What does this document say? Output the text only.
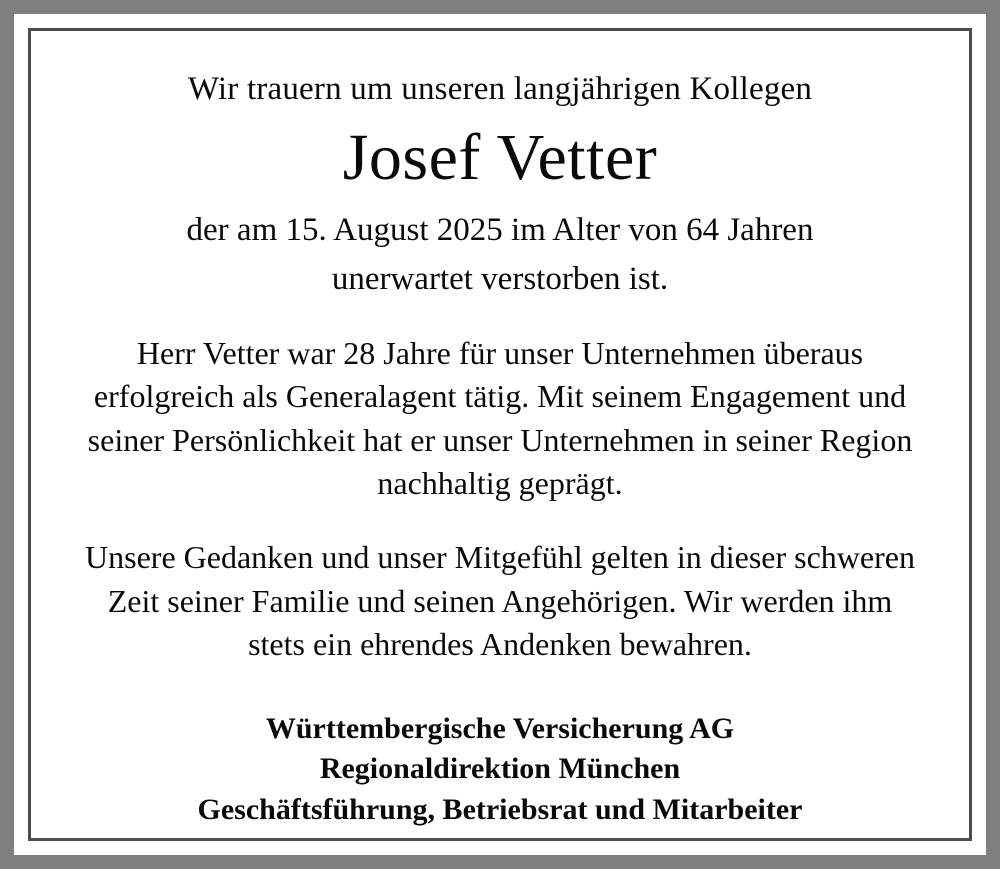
Wir trauern um unseren langjährigen Kollegen

Josef Vetter

der am 15. August 2025 im Alter von 64 Jahren

unerwartet verstorben ist.

Herr Vetter war 28 Jahre für unser Unternehmen überaus erfolgreich als Generalagent tätig. Mit seinem Engagement und seiner Persönlichkeit hat er unser Unternehmen in seiner Region nachhaltig geprägt.

Unsere Gedanken und unser Mitgefühl gelten in dieser schweren Zeit seiner Familie und seinen Angehörigen. Wir werden ihm stets ein ehrendes Andenken bewahren.

Württembergische Versicherung AG
Regionaldirektion München
Geschäftsführung, Betriebsrat und Mitarbeiter
